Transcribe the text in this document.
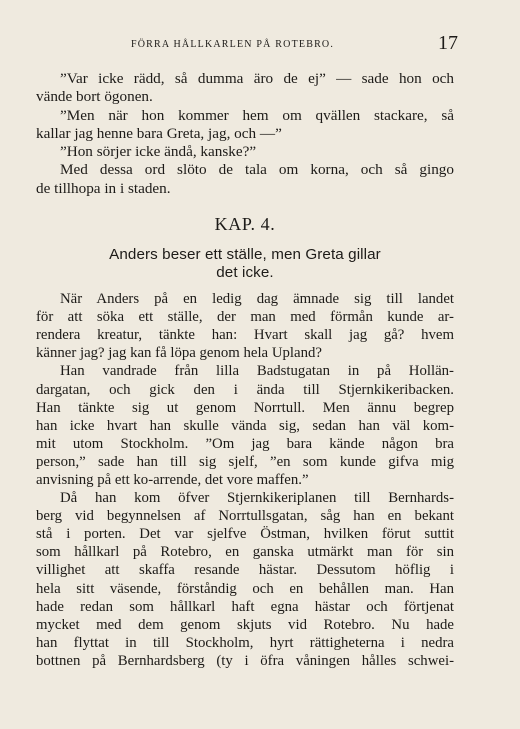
FÖRRA HÅLLKARLEN PÅ ROTEBRO.	17
”Var icke rädd, så dumma äro de ej” — sade hon och
vände bort ögonen.
”Men när hon kommer hem om qvällen stackare, så
kallar jag henne bara Greta, jag, och —”
”Hon sörjer icke ändå, kanske?”
Med dessa ord slöto de tala om korna, och så gingo
de tillhopa in i staden.
KAP. 4.
Anders beser ett ställe, men Greta gillar
det icke.
När Anders på en ledig dag ämnade sig till landet
för att söka ett ställe, der man med förmån kunde ar-
rendera kreatur, tänkte han: Hvart skall jag gå? hvem
känner jag? jag kan få löpa genom hela Upland?
Han vandrade från lilla Badstugatan in på Hollän-
dargatan, och gick den i ända till Stjernkikeribacken.
Han tänkte sig ut genom Norrtull. Men ännu begrep
han icke hvart han skulle vända sig, sedan han väl kom-
mit utom Stockholm. ”Om jag bara kände någon bra
person,” sade han till sig sjelf, ”en som kunde gifva mig
anvisning på ett ko-arrende, det vore maffen.”
Då han kom öfver Stjernkikeriplanen till Bernhards-
berg vid begynnelsen af Norrtullsgatan, såg han en bekant
stå i porten. Det var sjelfve Östman, hvilken förut suttit
som hållkarl på Rotebro, en ganska utmärkt man för sin
villighet att skaffa resande hästar. Dessutom höflig i
hela sitt väsende, förståndig och en behållen man. Han
hade redan som hållkarl haft egna hästar och förtjenat
mycket med dem genom skjuts vid Rotebro. Nu hade
han flyttat in till Stockholm, hyrt rättigheterna i nedra
bottnen på Bernhardsberg (ty i öfra våningen hålles schwei-
